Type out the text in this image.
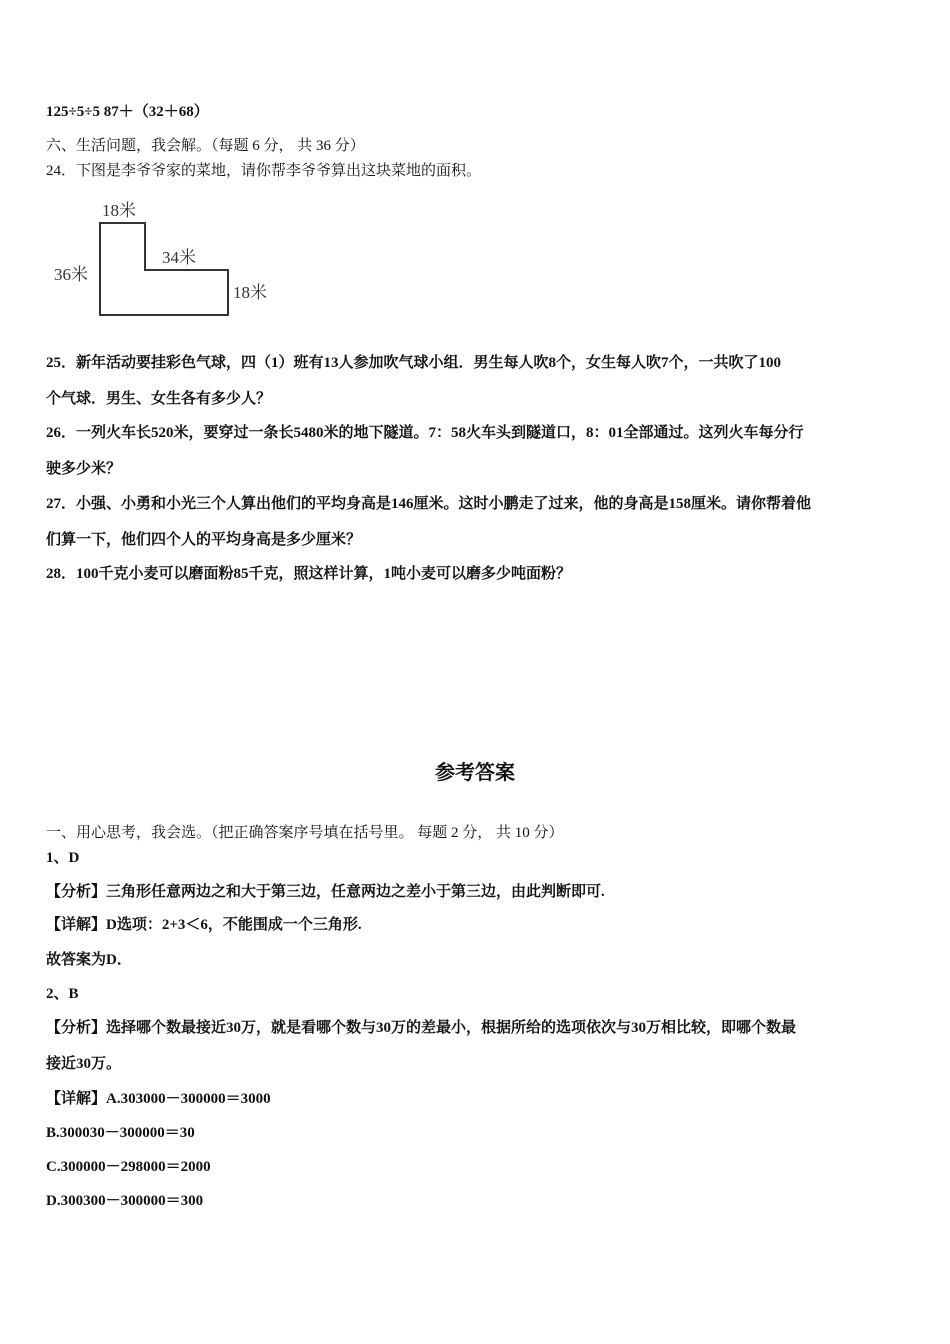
125÷5÷5 87＋（32＋68）
六、生活问题，我会解。（每题 6 分， 共 36 分）
24．下图是李爷爷家的菜地，请你帮李爷爷算出这块菜地的面积。
18米
36米
34米
18米
25．新年活动要挂彩色气球，四（1）班有13人参加吹气球小组．男生每人吹8个，女生每人吹7个，一共吹了100
个气球．男生、女生各有多少人？
26．一列火车长520米，要穿过一条长5480米的地下隧道。7：58火车头到隧道口，8：01全部通过。这列火车每分行
驶多少米？
27．小强、小勇和小光三个人算出他们的平均身高是146厘米。这时小鹏走了过来，他的身高是158厘米。请你帮着他
们算一下，他们四个人的平均身高是多少厘米？
28．100千克小麦可以磨面粉85千克，照这样计算，1吨小麦可以磨多少吨面粉？
参考答案
一、用心思考，我会选。（把正确答案序号填在括号里。 每题 2 分， 共 10 分）
1、D
【分析】三角形任意两边之和大于第三边，任意两边之差小于第三边，由此判断即可.
【详解】D选项：2+3＜6，不能围成一个三角形.
故答案为D．
2、B
【分析】选择哪个数最接近30万，就是看哪个数与30万的差最小，根据所给的选项依次与30万相比较，即哪个数最
接近30万。
【详解】A.303000－300000＝3000
B.300030－300000＝30
C.300000－298000＝2000
D.300300－300000＝300
